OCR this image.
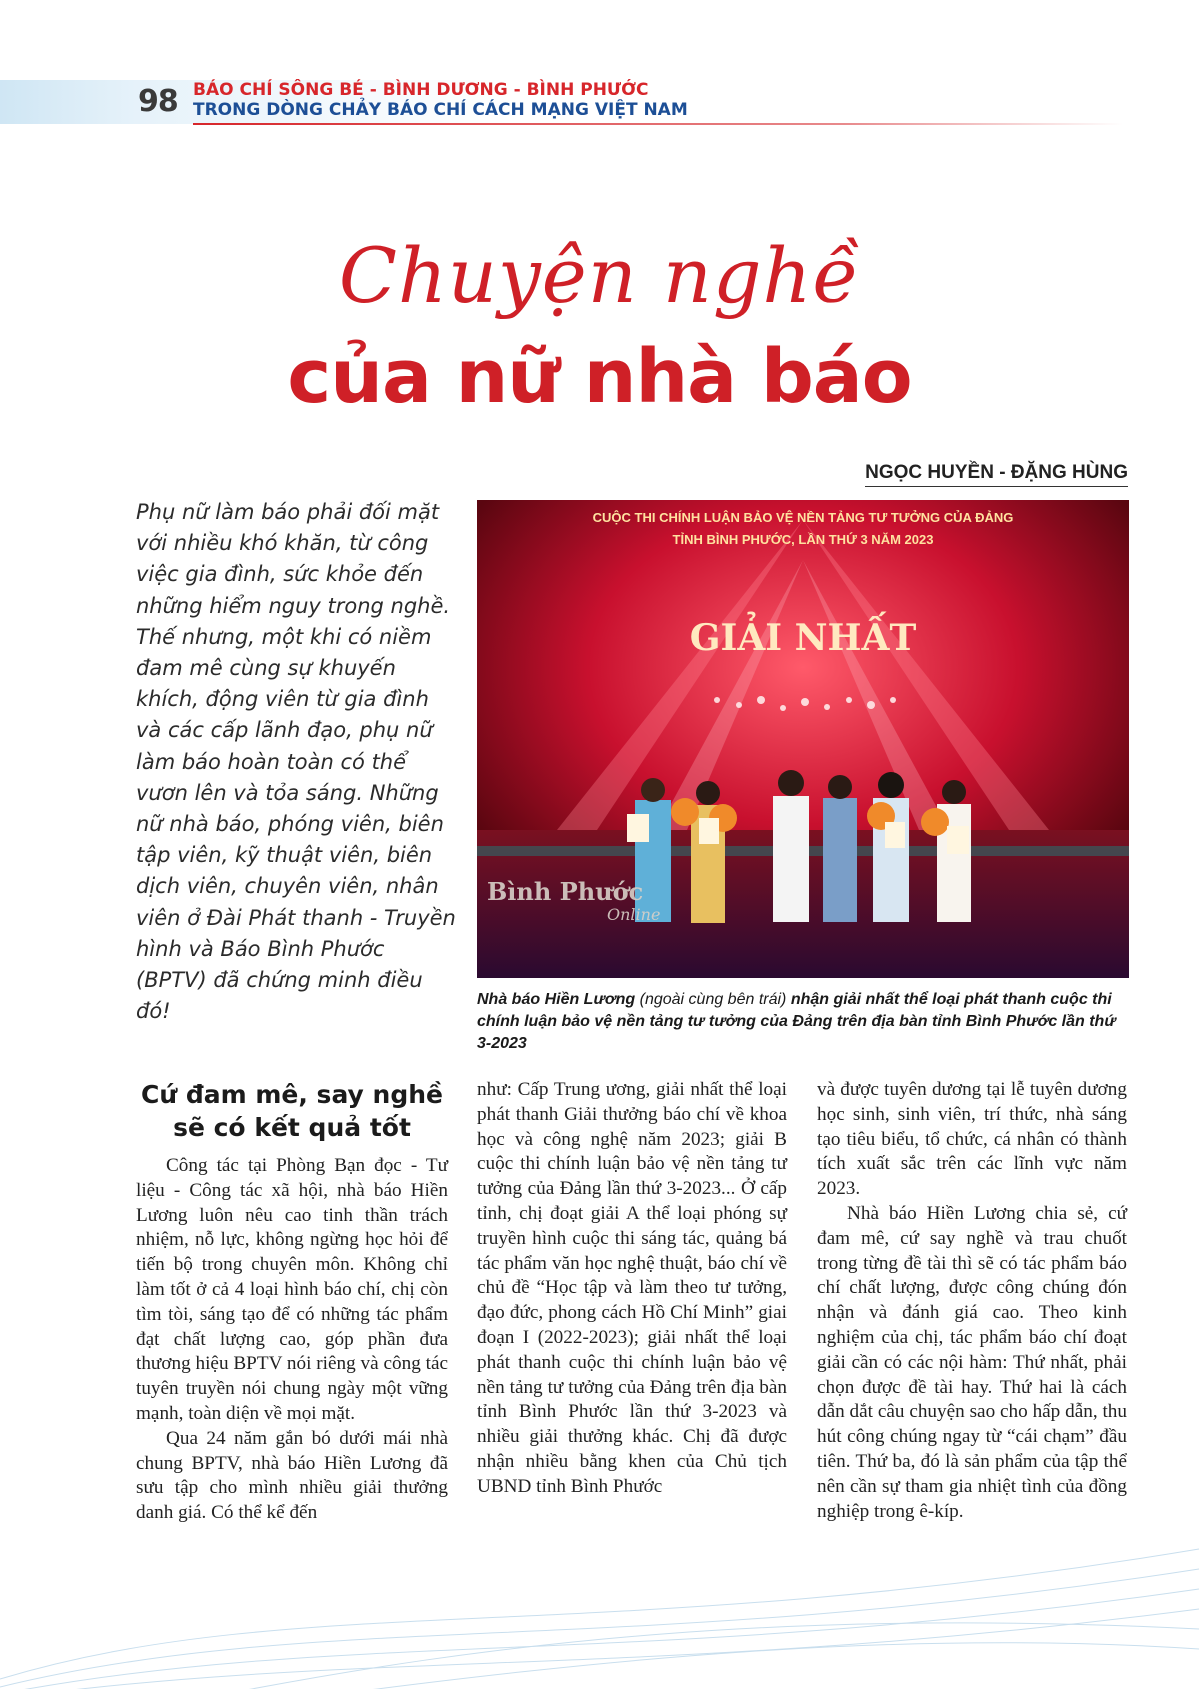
98 BÁO CHÍ SÔNG BÉ - BÌNH DƯƠNG - BÌNH PHƯỚC
TRONG DÒNG CHẢY BÁO CHÍ CÁCH MẠNG VIỆT NAM
Chuyện nghề
của nữ nhà báo
NGỌC HUYỀN - ĐẶNG HÙNG

Phụ nữ làm báo phải đối mặt với nhiều khó khăn, từ công việc gia đình, sức khỏe đến những hiểm nguy trong nghề. Thế nhưng, một khi có niềm đam mê cùng sự khuyến khích, động viên từ gia đình và các cấp lãnh đạo, phụ nữ làm báo hoàn toàn có thể vươn lên và tỏa sáng. Những nữ nhà báo, phóng viên, biên tập viên, kỹ thuật viên, biên dịch viên, chuyên viên, nhân viên ở Đài Phát thanh - Truyền hình và Báo Bình Phước (BPTV) đã chứng minh điều đó!

CUỘC THI CHÍNH LUẬN BẢO VỆ NỀN TẢNG TƯ TƯỞNG CỦA ĐẢNG
TỈNH BÌNH PHƯỚC, LẦN THỨ 3 NĂM 2023
GIẢI NHẤT
Bình Phước
Online

Nhà báo Hiền Lương (ngoài cùng bên trái) nhận giải nhất thể loại phát thanh cuộc thi chính luận bảo vệ nền tảng tư tưởng của Đảng trên địa bàn tỉnh Bình Phước lần thứ 3-2023

Cứ đam mê, say nghề sẽ có kết quả tốt

Công tác tại Phòng Bạn đọc - Tư liệu - Công tác xã hội, nhà báo Hiền Lương luôn nêu cao tinh thần trách nhiệm, nỗ lực, không ngừng học hỏi để tiến bộ trong chuyên môn. Không chỉ làm tốt ở cả 4 loại hình báo chí, chị còn tìm tòi, sáng tạo để có những tác phẩm đạt chất lượng cao, góp phần đưa thương hiệu BPTV nói riêng và công tác tuyên truyền nói chung ngày một vững mạnh, toàn diện về mọi mặt.

Qua 24 năm gắn bó dưới mái nhà chung BPTV, nhà báo Hiền Lương đã sưu tập cho mình nhiều giải thưởng danh giá. Có thể kể đến

như: Cấp Trung ương, giải nhất thể loại phát thanh Giải thưởng báo chí về khoa học và công nghệ năm 2023; giải B cuộc thi chính luận bảo vệ nền tảng tư tưởng của Đảng lần thứ 3-2023... Ở cấp tỉnh, chị đoạt giải A thể loại phóng sự truyền hình cuộc thi sáng tác, quảng bá tác phẩm văn học nghệ thuật, báo chí về chủ đề “Học tập và làm theo tư tưởng, đạo đức, phong cách Hồ Chí Minh” giai đoạn I (2022-2023); giải nhất thể loại phát thanh cuộc thi chính luận bảo vệ nền tảng tư tưởng của Đảng trên địa bàn tỉnh Bình Phước lần thứ 3-2023 và nhiều giải thưởng khác. Chị đã được nhận nhiều bằng khen của Chủ tịch UBND tỉnh Bình Phước

và được tuyên dương tại lễ tuyên dương học sinh, sinh viên, trí thức, nhà sáng tạo tiêu biểu, tổ chức, cá nhân có thành tích xuất sắc trên các lĩnh vực năm 2023.

Nhà báo Hiền Lương chia sẻ, cứ đam mê, cứ say nghề và trau chuốt trong từng đề tài thì sẽ có tác phẩm báo chí chất lượng, được công chúng đón nhận và đánh giá cao. Theo kinh nghiệm của chị, tác phẩm báo chí đoạt giải cần có các nội hàm: Thứ nhất, phải chọn được đề tài hay. Thứ hai là cách dẫn dắt câu chuyện sao cho hấp dẫn, thu hút công chúng ngay từ “cái chạm” đầu tiên. Thứ ba, đó là sản phẩm của tập thể nên cần sự tham gia nhiệt tình của đồng nghiệp trong ê-kíp.
